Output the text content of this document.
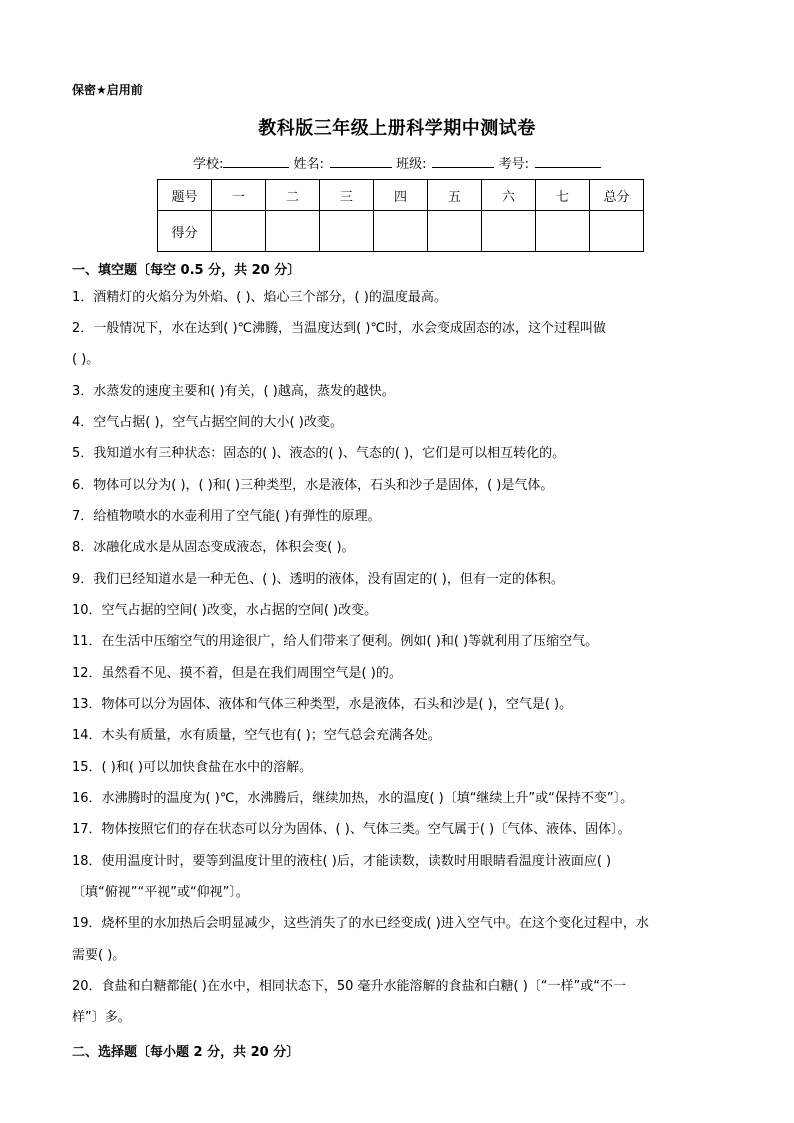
保密★启用前
教科版三年级上册科学期中测试卷
学校:	姓名:	班级:	考号:
题号	一	二	三	四	五	六	七	总分
得分								
一、填空题〔每空 0.5 分，共 20 分〕
1．酒精灯的火焰分为外焰、( )、焰心三个部分，( )的温度最高。
2．一般情况下，水在达到( )℃沸腾，当温度达到( )℃时，水会变成固态的冰，这个过程叫做
( )。
3．水蒸发的速度主要和( )有关，( )越高，蒸发的越快。
4．空气占据( )，空气占据空间的大小( )改变。
5．我知道水有三种状态：固态的( )、液态的( )、气态的( )，它们是可以相互转化的。
6．物体可以分为( )，( )和( )三种类型，水是液体，石头和沙子是固体，( )是气体。
7．给植物喷水的水壶利用了空气能( )有弹性的原理。
8．冰融化成水是从固态变成液态，体积会变( )。
9．我们已经知道水是一种无色、( )、透明的液体，没有固定的( )，但有一定的体积。
10．空气占据的空间( )改变，水占据的空间( )改变。
11．在生活中压缩空气的用途很广，给人们带来了便利。例如( )和( )等就利用了压缩空气。
12．虽然看不见、摸不着，但是在我们周围空气是( )的。
13．物体可以分为固体、液体和气体三种类型，水是液体，石头和沙是( )，空气是( )。
14．木头有质量，水有质量，空气也有( )；空气总会充满各处。
15．( )和( )可以加快食盐在水中的溶解。
16．水沸腾时的温度为( )℃，水沸腾后，继续加热，水的温度( )〔填“继续上升”或“保持不变”〕。
17．物体按照它们的存在状态可以分为固体、( )、气体三类。空气属于( )〔气体、液体、固体〕。
18．使用温度计时，要等到温度计里的液柱( )后，才能读数，读数时用眼睛看温度计液面应( )
〔填“俯视”“平视”或“仰视”〕。
19．烧杯里的水加热后会明显减少，这些消失了的水已经变成( )进入空气中。在这个变化过程中，水
需要( )。
20．食盐和白糖都能( )在水中，相同状态下，50 毫升水能溶解的食盐和白糖( )〔“一样”或“不一
样”〕多。
二、选择题〔每小题 2 分，共 20 分〕
